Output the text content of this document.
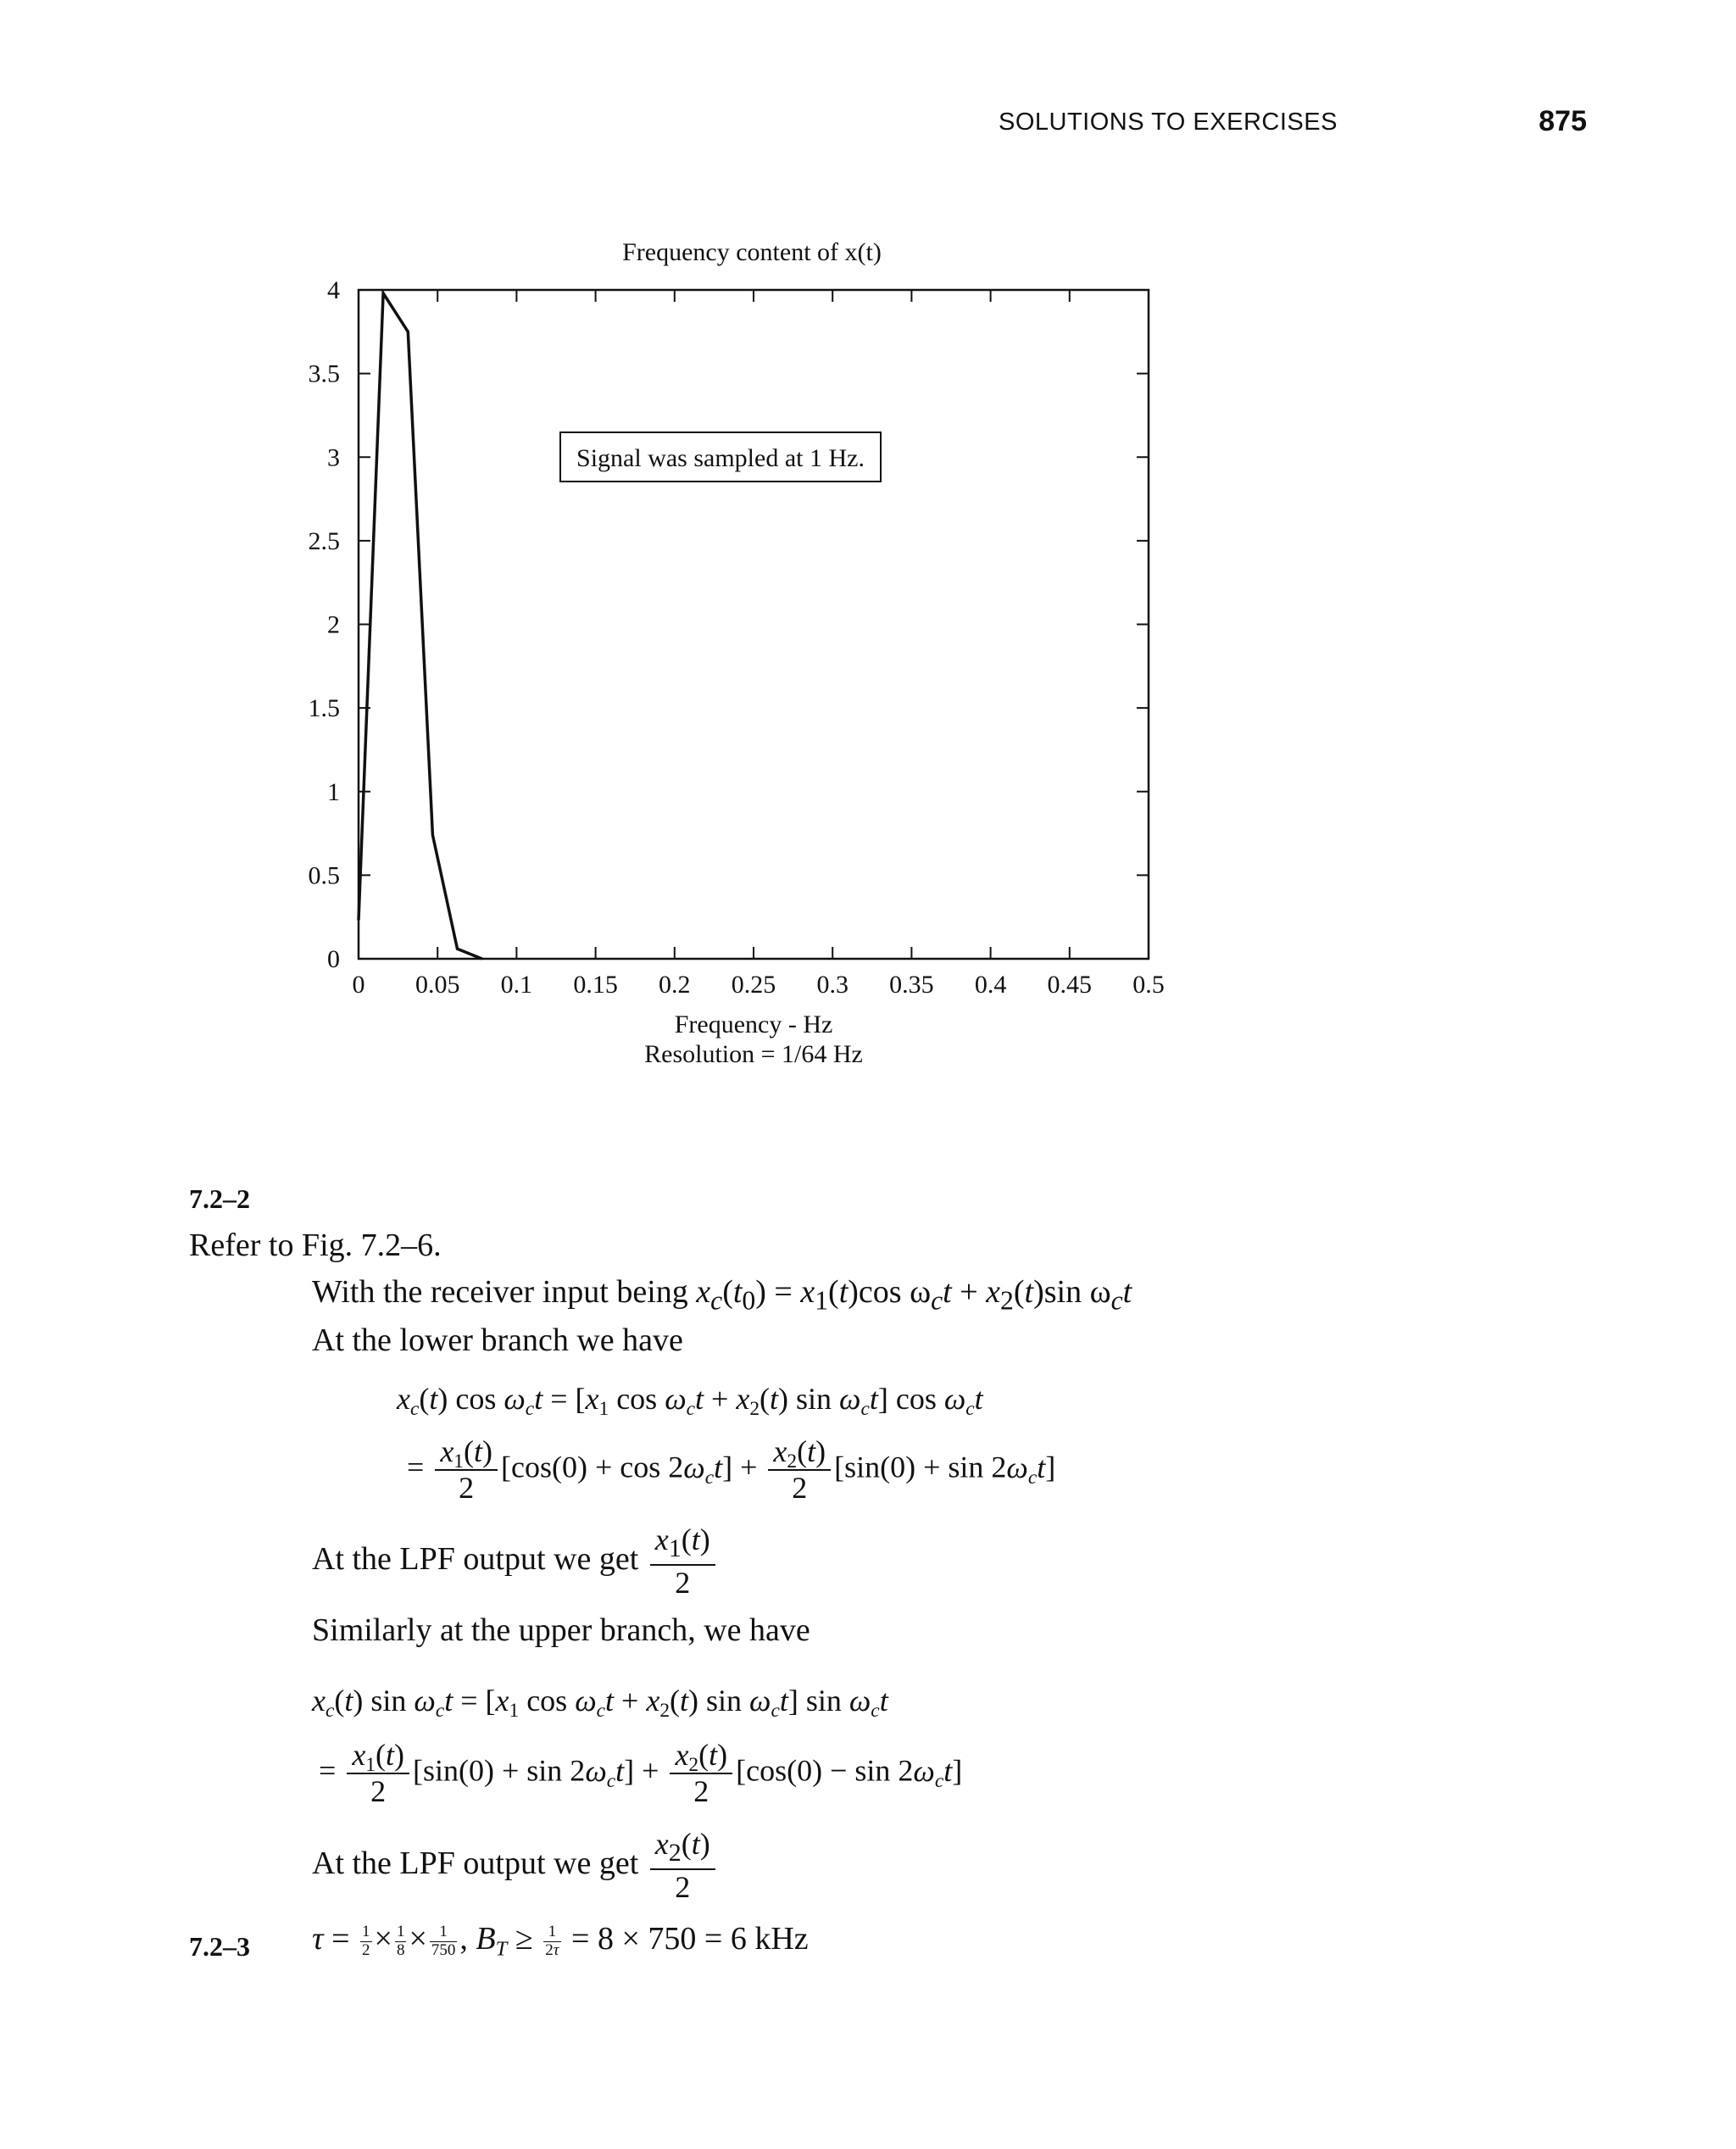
SOLUTIONS TO EXERCISES	875
Frequency content of x(t)
0 0.05 0.1 0.15 0.2 0.25 0.3 0.35 0.4 0.45 0.5
0
0.5
1
1.5
2
2.5
3
3.5
4
Signal was sampled at 1 Hz.
Frequency - Hz
Resolution = 1/64 Hz
7.2–2
Refer to Fig. 7.2–6.
With the receiver input being $x_c(t_0) = x_1(t)\cos$ $\omega_ct + x_2(t)\sin$ $\omega_ct$
At the lower branch we have
$x_c(t)$ $\cos \omega_ct = [x_1$ $\cos \omega_ct + x_2(t)$ $\sin \omega_ct$] $\cos \omega_ct$
= $\frac{x_1(t)}{2} [\cos(0) + \cos 2\omega_ct] + \frac{x_2(t)}{2} [\sin(0) + \sin 2\omega_ct]$
At the LPF output we get $\frac{x_1(t)}{2}$
Similarly at the upper branch, we have
$x_c(t)$ $\sin \omega_ct = [x_1$ $\cos \omega_ct + x_2(t)$ $\sin \omega_ct$] $\sin \omega_ct$
= $\frac{x_1(t)}{2} [\sin(0) + \sin 2\omega_ct] + \frac{x_2(t)}{2} [\cos(0) - \sin 2\omega_ct]$
At the LPF output we get $\frac{x_2(t)}{2}$
7.2–3 $\tau = \frac{1}{2} \times \frac{1}{8} \times \frac{1}{750}$ , $B_T \ge \frac{1}{2\tau} = 8 \times 750 = 6$ kHz
